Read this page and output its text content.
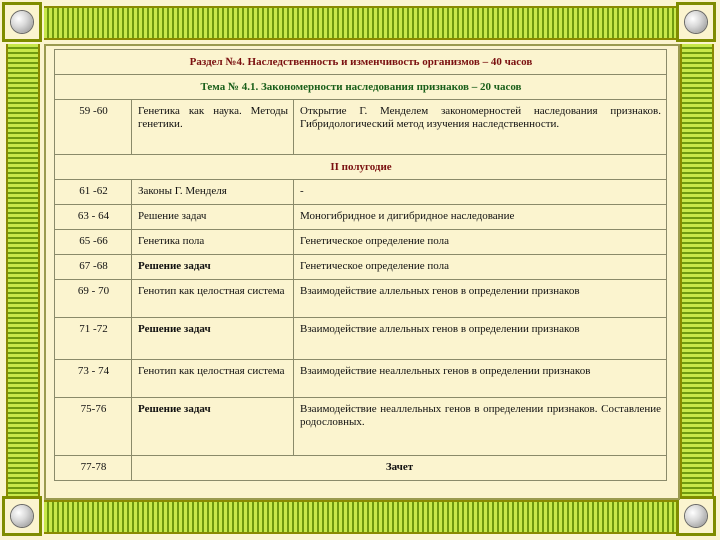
Раздел №4. Наследственность и изменчивость организмов – 40 часов		
Тема № 4.1. Закономерности наследования признаков – 20 часов		
59 -60	Генетика как наука. Методы генетики.	Открытие Г. Менделем закономерностей наследования признаков. Гибридологический метод изучения наследственности.
II полугодие		
61 -62	Законы Г. Менделя	-
63 - 64	Решение задач	Моногибридное и дигибридное наследование
65 -66	Генетика пола	Генетическое определение пола
67 -68	Решение задач	Генетическое определение пола
69 - 70	Генотип как целостная система	Взаимодействие аллельных генов в определении признаков
71 -72	Решение задач	Взаимодействие аллельных генов в определении признаков
73 - 74	Генотип как целостная система	Взаимодействие неаллельных генов в определении признаков
75-76	Решение задач	Взаимодействие неаллельных генов в определении признаков. Составление родословных.
77-78	Зачет	
